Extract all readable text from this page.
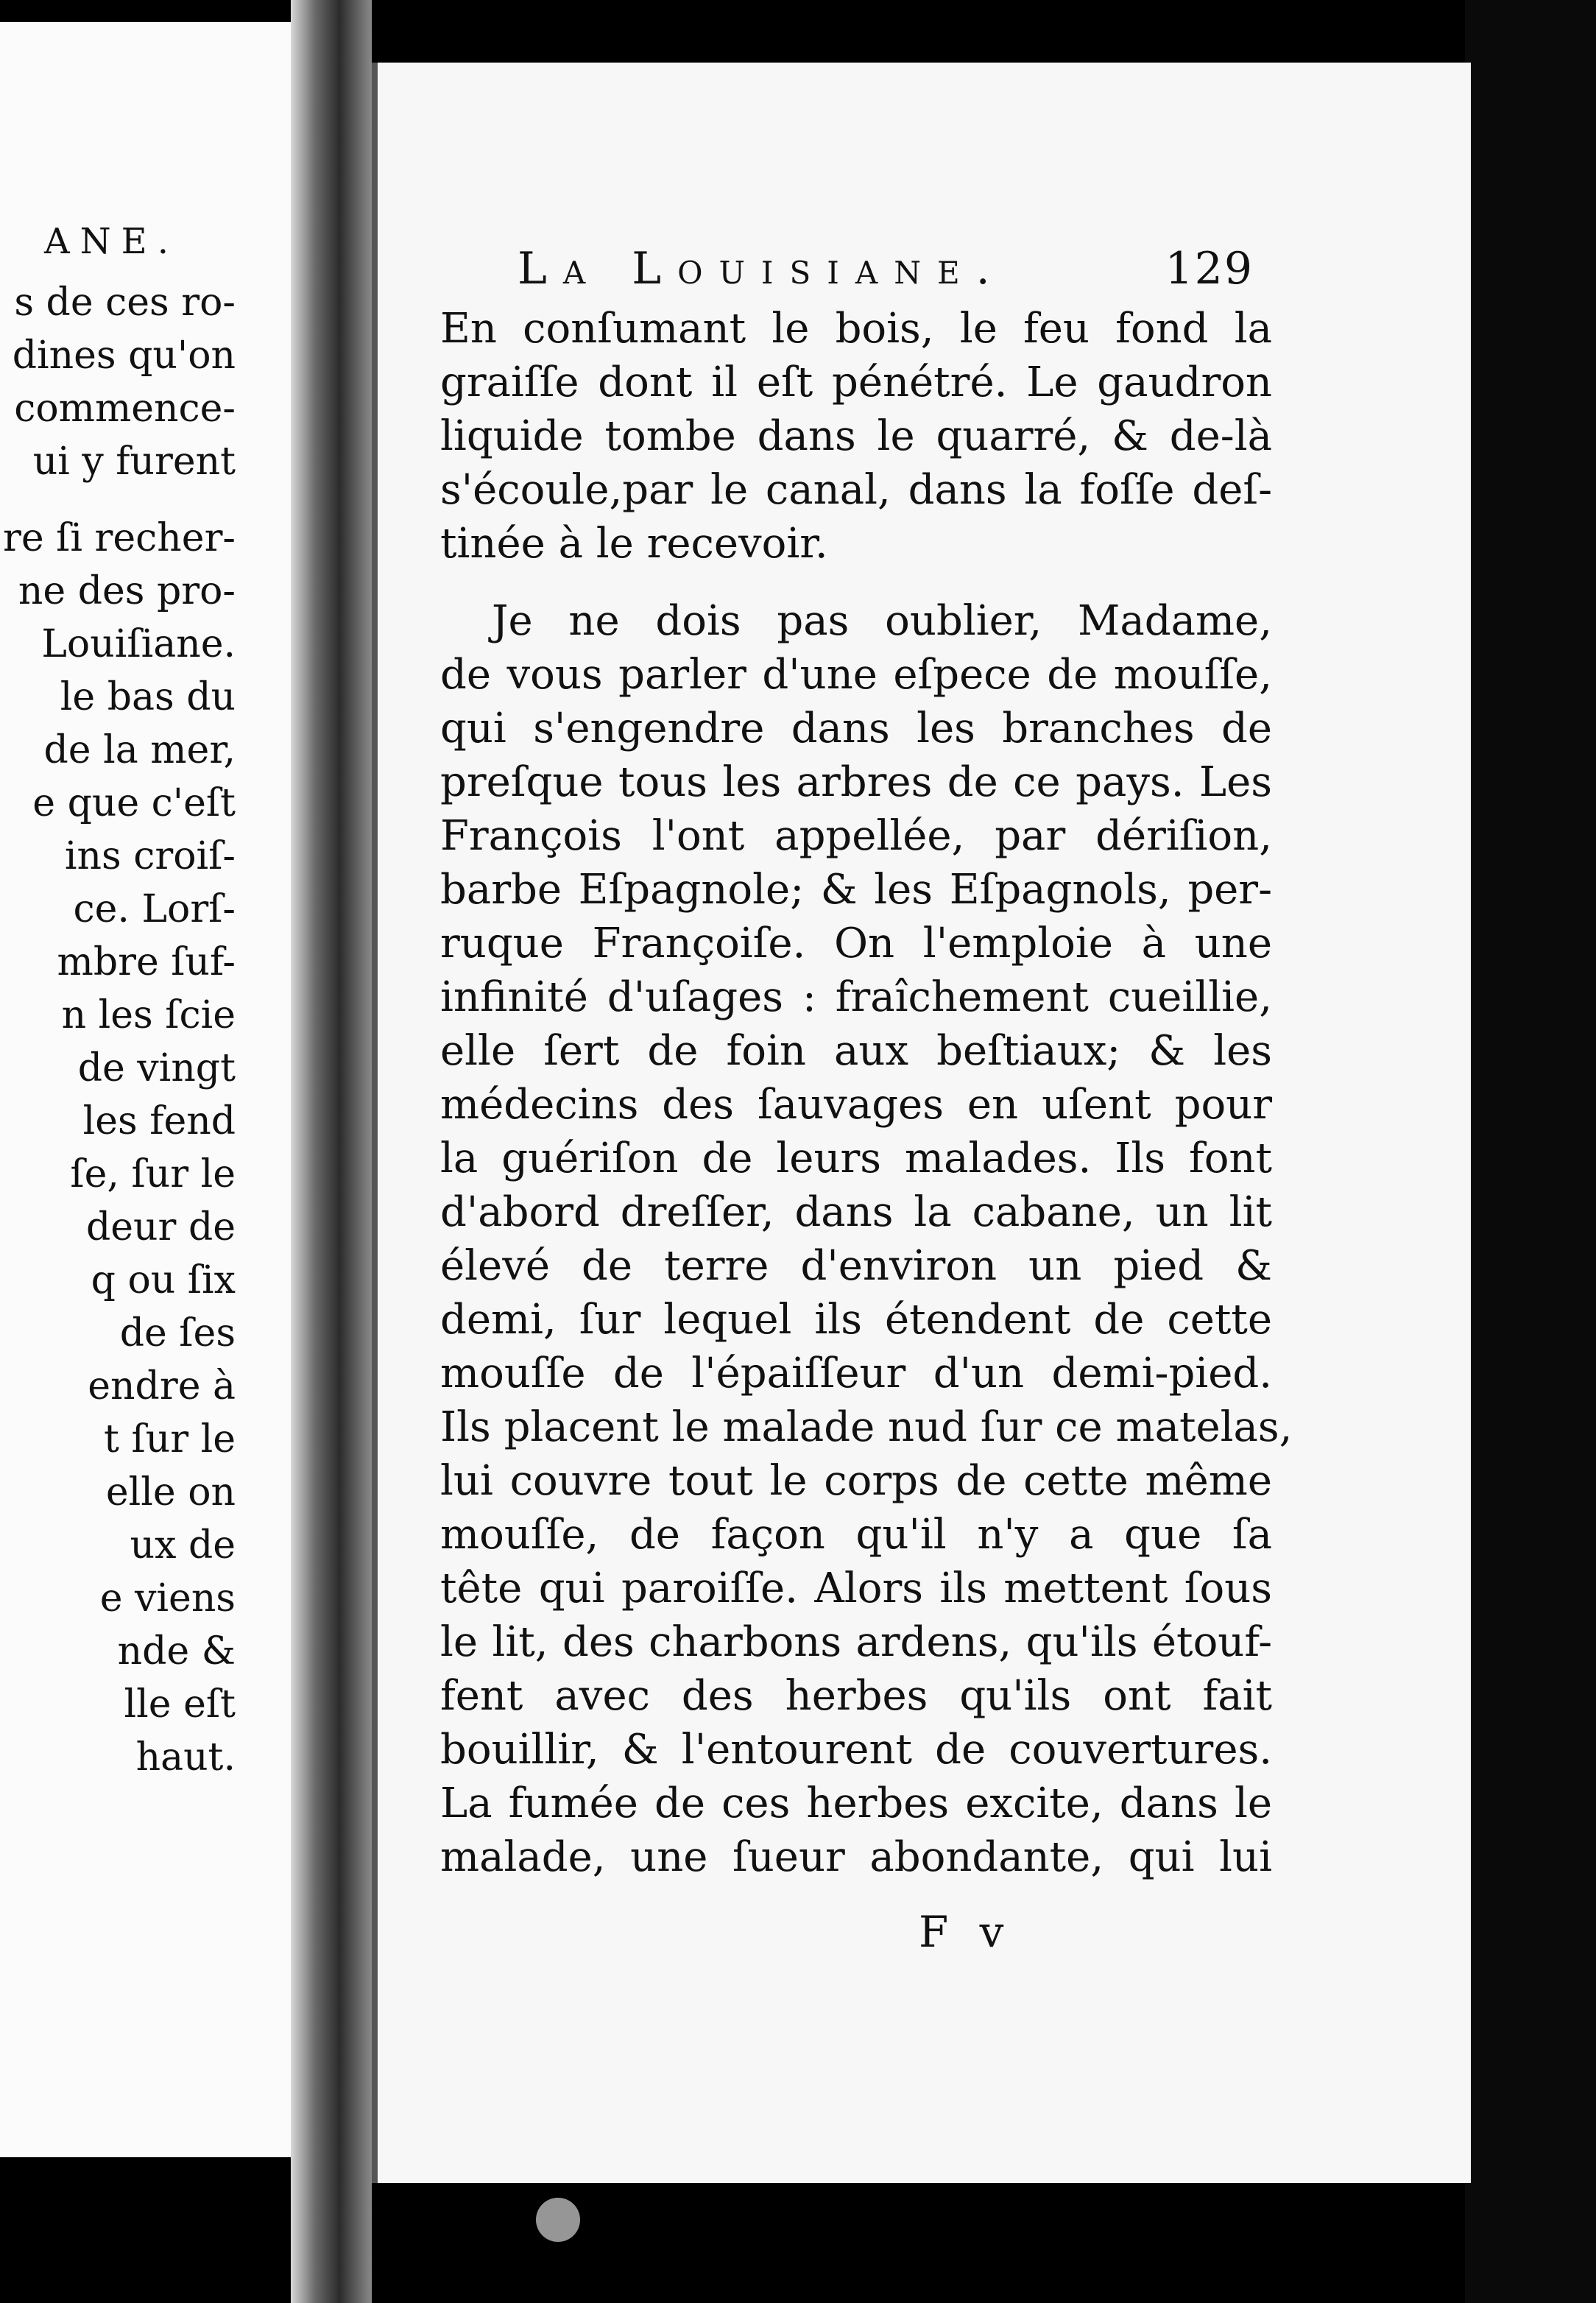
ANE.
s de ces ro-
dines qu'on
commence-
ui y furent
re ſi recher-
ne des pro-
Louiſiane.
le bas du
de la mer,
e que c'eſt
ins croiſ-
ce. Lorſ-
mbre ſuf-
n les ſcie
de vingt
les fend
ſe, ſur le
deur de
q ou ſix
de ſes
endre à
t ſur le
elle on
ux de
e viens
nde &
lle eſt
haut.
La Louisiane.	129
En conſumant le bois, le feu fond la
graiſſe dont il eſt pénétré. Le gaudron
liquide tombe dans le quarré, & de-là
s'écoule,par le canal, dans la foſſe deſ-
tinée à le recevoir.
Je ne dois pas oublier, Madame,
de vous parler d'une eſpece de mouſſe,
qui s'engendre dans les branches de
preſque tous les arbres de ce pays. Les
François l'ont appellée, par dériſion,
barbe Eſpagnole; & les Eſpagnols, per-
ruque Françoiſe. On l'emploie à une
infinité d'uſages : fraîchement cueillie,
elle ſert de foin aux beſtiaux; & les
médecins des ſauvages en uſent pour
la guériſon de leurs malades. Ils font
d'abord dreſſer, dans la cabane, un lit
élevé de terre d'environ un pied &
demi, ſur lequel ils étendent de cette
mouſſe de l'épaiſſeur d'un demi-pied.
Ils placent le malade nud ſur ce matelas,
lui couvre tout le corps de cette même
mouſſe, de façon qu'il n'y a que ſa
tête qui paroiſſe. Alors ils mettent ſous
le lit, des charbons ardens, qu'ils étouf-
fent avec des herbes qu'ils ont fait
bouillir, & l'entourent de couvertures.
La fumée de ces herbes excite, dans le
malade, une ſueur abondante, qui lui
F v
